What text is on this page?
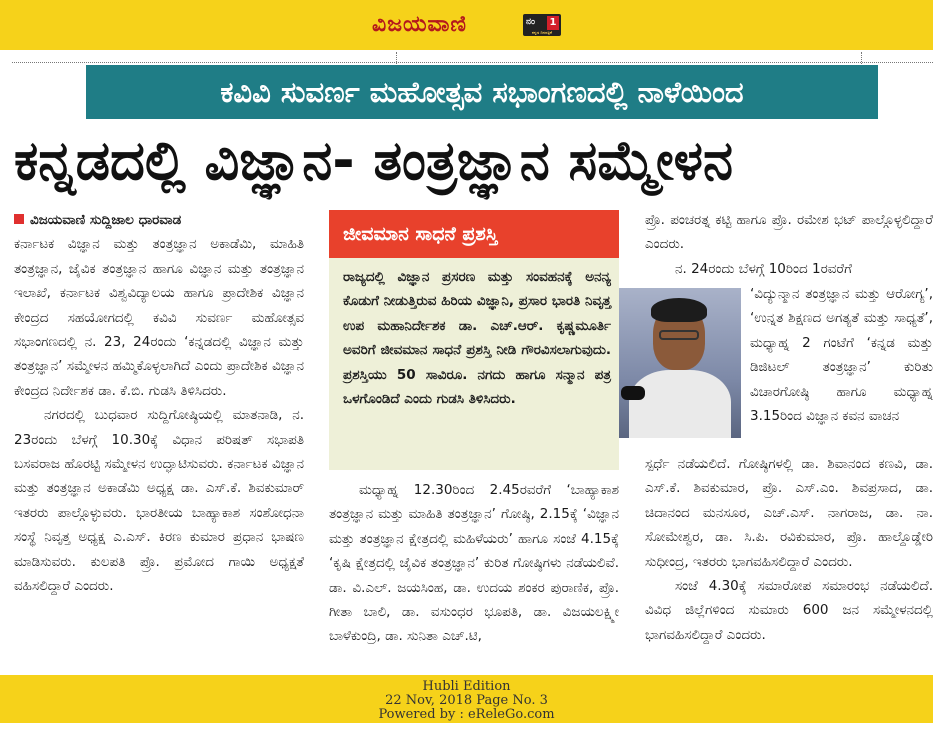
ವಿಜಯವಾಣಿ	ನಂ 1
ಕನ್ನಡ ದಿನಪತ್ರಿಕೆ
ಕವಿವಿ ಸುವರ್ಣ ಮಹೋತ್ಸವ ಸಭಾಂಗಣದಲ್ಲಿ ನಾಳೆಯಿಂದ
ಕನ್ನಡದಲ್ಲಿ ವಿಜ್ಞಾನ- ತಂತ್ರಜ್ಞಾನ ಸಮ್ಮೇಳನ

ವಿಜಯವಾಣಿ ಸುದ್ದಿಜಾಲ ಧಾರವಾಡ

ಕರ್ನಾಟಕ ವಿಜ್ಞಾನ ಮತ್ತು ತಂತ್ರಜ್ಞಾನ ಅಕಾಡೆಮಿ, ಮಾಹಿತಿ ತಂತ್ರಜ್ಞಾನ, ಜೈವಿಕ ತಂತ್ರಜ್ಞಾನ ಹಾಗೂ ವಿಜ್ಞಾನ ಮತ್ತು ತಂತ್ರಜ್ಞಾನ ಇಲಾಖೆ, ಕರ್ನಾಟಕ ವಿಶ್ವವಿದ್ಯಾಲಯ ಹಾಗೂ ಪ್ರಾದೇಶಿಕ ವಿಜ್ಞಾನ ಕೇಂದ್ರದ ಸಹಯೋಗದಲ್ಲಿ ಕವಿವಿ ಸುವರ್ಣ ಮಹೋತ್ಸವ ಸಭಾಂಗಣದಲ್ಲಿ ನ. 23, 24ರಂದು ‘ಕನ್ನಡದಲ್ಲಿ ವಿಜ್ಞಾನ ಮತ್ತು ತಂತ್ರಜ್ಞಾನ’ ಸಮ್ಮೇಳನ ಹಮ್ಮಿಕೊಳ್ಳಲಾಗಿದೆ ಎಂದು ಪ್ರಾದೇಶಿಕ ವಿಜ್ಞಾನ ಕೇಂದ್ರದ ನಿರ್ದೇಶಕ ಡಾ. ಕೆ.ಬಿ. ಗುಡಸಿ ತಿಳಿಸಿದರು.

ನಗರದಲ್ಲಿ ಬುಧವಾರ ಸುದ್ದಿಗೋಷ್ಠಿಯಲ್ಲಿ ಮಾತನಾಡಿ, ನ. 23ರಂದು ಬೆಳಗ್ಗೆ 10.30ಕ್ಕೆ ವಿಧಾನ ಪರಿಷತ್ ಸಭಾಪತಿ ಬಸವರಾಜ ಹೊರಟ್ಟಿ ಸಮ್ಮೇಳನ ಉದ್ಘಾಟಿಸುವರು. ಕರ್ನಾಟಕ ವಿಜ್ಞಾನ ಮತ್ತು ತಂತ್ರಜ್ಞಾನ ಅಕಾಡೆಮಿ ಅಧ್ಯಕ್ಷ ಡಾ. ಎಸ್.ಕೆ. ಶಿವಕುಮಾರ್ ಇತರರು ಪಾಲ್ಗೊಳ್ಳುವರು. ಭಾರತೀಯ ಬಾಹ್ಯಾಕಾಶ ಸಂಶೋಧನಾ ಸಂಸ್ಥೆ ನಿವೃತ್ತ ಅಧ್ಯಕ್ಷ ಎ.ಎಸ್. ಕಿರಣ ಕುಮಾರ ಪ್ರಧಾನ ಭಾಷಣ ಮಾಡಿಸುವರು. ಕುಲಪತಿ ಪ್ರೊ. ಪ್ರಮೋದ ಗಾಯಿ ಅಧ್ಯಕ್ಷತೆ ವಹಿಸಲಿದ್ದಾರೆ ಎಂದರು.

ಜೀವಮಾನ ಸಾಧನೆ ಪ್ರಶಸ್ತಿ
ರಾಜ್ಯದಲ್ಲಿ ವಿಜ್ಞಾನ ಪ್ರಸರಣ ಮತ್ತು ಸಂವಹನಕ್ಕೆ ಅನನ್ಯ ಕೊಡುಗೆ ನೀಡುತ್ತಿರುವ ಹಿರಿಯ ವಿಜ್ಞಾನಿ, ಪ್ರಸಾರ ಭಾರತಿ ನಿವೃತ್ತ ಉಪ ಮಹಾನಿರ್ದೇಶಕ ಡಾ. ಎಚ್.ಆರ್. ಕೃಷ್ಣಮೂರ್ತಿ ಅವರಿಗೆ ಜೀವಮಾನ ಸಾಧನೆ ಪ್ರಶಸ್ತಿ ನೀಡಿ ಗೌರವಿಸಲಾಗುವುದು. ಪ್ರಶಸ್ತಿಯು 50 ಸಾವಿರೂ. ನಗದು ಹಾಗೂ ಸನ್ಮಾನ ಪತ್ರ ಒಳಗೊಂಡಿದೆ ಎಂದು ಗುಡಸಿ ತಿಳಿಸಿದರು.

ಮಧ್ಯಾಹ್ನ 12.30ರಿಂದ 2.45ರವರೆಗೆ ‘ಬಾಹ್ಯಾಕಾಶ ತಂತ್ರಜ್ಞಾನ ಮತ್ತು ಮಾಹಿತಿ ತಂತ್ರಜ್ಞಾನ’ ಗೋಷ್ಠಿ, 2.15ಕ್ಕೆ ‘ವಿಜ್ಞಾನ ಮತ್ತು ತಂತ್ರಜ್ಞಾನ ಕ್ಷೇತ್ರದಲ್ಲಿ ಮಹಿಳೆಯರು’ ಹಾಗೂ ಸಂಜೆ 4.15ಕ್ಕೆ ‘ಕೃಷಿ ಕ್ಷೇತ್ರದಲ್ಲಿ ಜೈವಿಕ ತಂತ್ರಜ್ಞಾನ’ ಕುರಿತ ಗೋಷ್ಠಿಗಳು ನಡೆಯಲಿವೆ. ಡಾ. ವಿ.ಎಲ್. ಜಯಸಿಂಹ, ಡಾ. ಉದಯ ಶಂಕರ ಪುರಾಣಿಕ, ಪ್ರೊ. ಗೀತಾ ಬಾಲಿ, ಡಾ. ವಸುಂಧರ ಭೂಪತಿ, ಡಾ. ವಿಜಯಲಕ್ಷ್ಮೀ ಬಾಳೆಕುಂದ್ರಿ, ಡಾ. ಸುನಿತಾ ಎಚ್.ಟಿ,

ಪ್ರೊ. ಪಂಚರತ್ನ ಕಟ್ಟಿ ಹಾಗೂ ಪ್ರೊ. ರಮೇಶ ಭಟ್ ಪಾಲ್ಗೊಳ್ಳಲಿದ್ದಾರೆ ಎಂದರು.

ನ. 24ರಂದು ಬೆಳಗ್ಗೆ 10ರಿಂದ 1ರವರೆಗೆ

‘ವಿದ್ಯುನ್ಮಾನ ತಂತ್ರಜ್ಞಾನ ಮತ್ತು ಆರೋಗ್ಯ’, ‘ಉನ್ನತ ಶಿಕ್ಷಣದ ಅಗತ್ಯತೆ ಮತ್ತು ಸಾಧ್ಯತೆ’, ಮಧ್ಯಾಹ್ನ 2 ಗಂಟೆಗೆ ‘ಕನ್ನಡ ಮತ್ತು ಡಿಜಿಟಲ್ ತಂತ್ರಜ್ಞಾನ’ ಕುರಿತು ವಿಚಾರಗೋಷ್ಠಿ ಹಾಗೂ ಮಧ್ಯಾಹ್ನ 3.15ರಿಂದ ವಿಜ್ಞಾನ ಕವನ ವಾಚನ

ಸ್ಪರ್ಧೆ ನಡೆಯಲಿದೆ. ಗೋಷ್ಠಿಗಳಲ್ಲಿ ಡಾ. ಶಿವಾನಂದ ಕಣವಿ, ಡಾ. ಎಸ್.ಕೆ. ಶಿವಕುಮಾರ, ಪ್ರೊ. ಎಸ್.ಎಂ. ಶಿವಪ್ರಸಾದ, ಡಾ. ಚಿದಾನಂದ ಮನಸೂರ, ಎಚ್.ಎಸ್. ನಾಗರಾಜ, ಡಾ. ನಾ. ಸೋಮೇಶ್ವರ, ಡಾ. ಸಿ.ಪಿ. ರವಿಕುಮಾರ, ಪ್ರೊ. ಹಾಲ್ದೊಡ್ಡೇರಿ ಸುಧೀಂದ್ರ, ಇತರರು ಭಾಗವಹಿಸಲಿದ್ದಾರೆ ಎಂದರು.

ಸಂಜೆ 4.30ಕ್ಕೆ ಸಮಾರೋಪ ಸಮಾರಂಭ ನಡೆಯಲಿದೆ. ವಿವಿಧ ಜಿಲ್ಲೆಗಳಿಂದ ಸುಮಾರು 600 ಜನ ಸಮ್ಮೇಳನದಲ್ಲಿ ಭಾಗವಹಿಸಲಿದ್ದಾರೆ ಎಂದರು.

Hubli Edition
22 Nov, 2018 Page No. 3
Powered by : eReleGo.com
